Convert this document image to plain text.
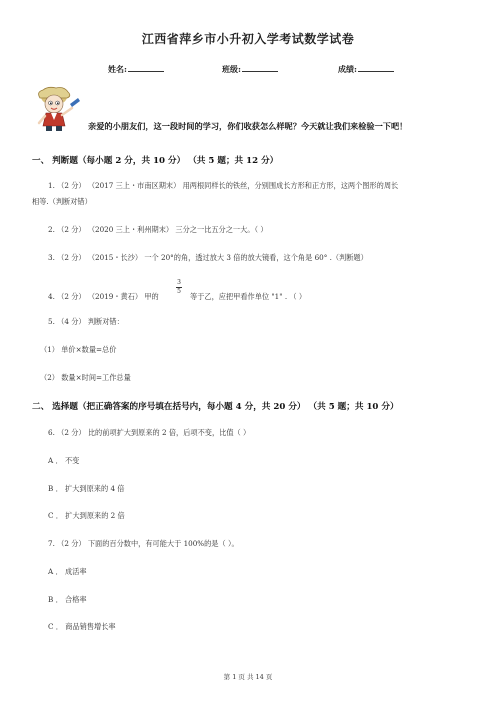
江西省萍乡市小升初入学考试数学试卷
姓名:	班级:	成绩:
亲爱的小朋友们，这一段时间的学习，你们收获怎么样呢？今天就让我们来检验一下吧！
一、 判断题（每小题 2 分，共 10 分） （共 5 题；共 12 分）
1. （2 分） （2017 三上・市南区期末） 用两根同样长的铁丝，分别围成长方形和正方形，这两个图形的周长
相等.（判断对错）
2. （2 分） （2020 三上・利州期末） 三分之一比五分之一大。（ ）
3. （2 分） （2015・长沙） 一个 20°的角，透过放大 3 倍的放大镜看，这个角是 60° .（判断题）
4. （2 分） （2019・黄石） 甲的
3
5
等于乙，应把甲看作单位 "1" . （ ）
5. （4 分） 判断对错：
（1） 单价×数量=总价
（2） 数量×时间=工作总量
二、 选择题（把正确答案的序号填在括号内，每小题 4 分，共 20 分） （共 5 题；共 10 分）
6. （2 分） 比的前项扩大到原来的 2 倍，后项不变，比值（ ）
A ． 不变
B ． 扩大到原来的 4 倍
C ． 扩大到原来的 2 倍
7. （2 分） 下面的百分数中，有可能大于 100%的是（ ）。
A ． 成活率
B ． 合格率
C ． 商品销售增长率
第 1 页 共 14 页
